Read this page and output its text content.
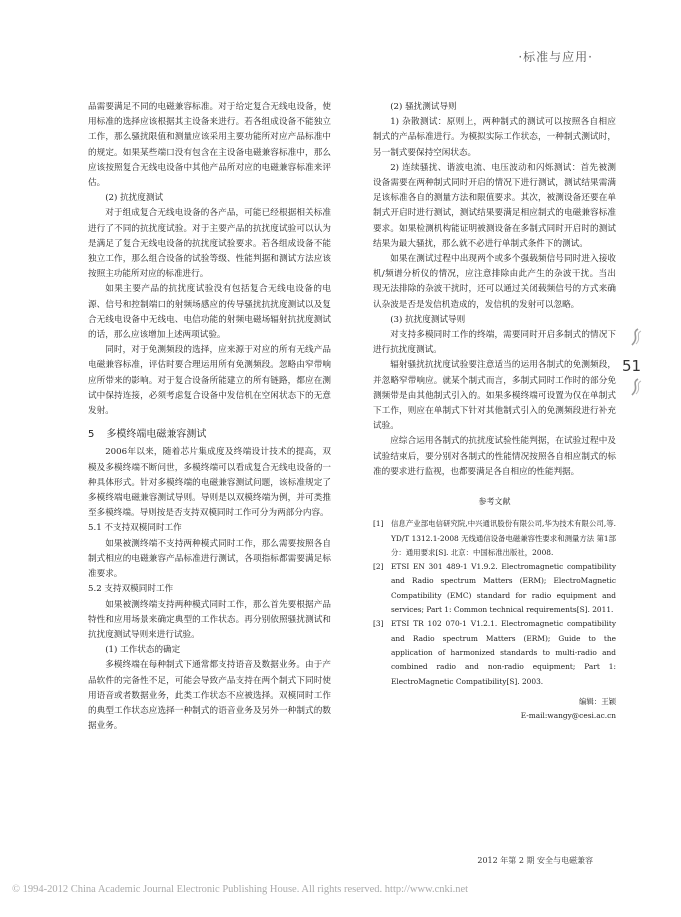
·标准与应用·

品需要满足不同的电磁兼容标准。对于给定复合无线电设备，使用标准的选择应该根据其主设备来进行。若各组成设备不能独立工作，那么骚扰限值和测量应该采用主要功能所对应产品标准中的规定。如果某些端口没有包含在主设备电磁兼容标准中，那么应该按照复合无线电设备中其他产品所对应的电磁兼容标准来评估。

(2) 抗扰度测试

对于组成复合无线电设备的各产品，可能已经根据相关标准进行了不同的抗扰度试验。对于主要产品的抗扰度试验可以认为是满足了复合无线电设备的抗扰度试验要求。若各组成设备不能独立工作，那么组合设备的试验等级、性能判据和测试方法应该按照主功能所对应的标准进行。

如果主要产品的抗扰度试验没有包括复合无线电设备的电源、信号和控制端口的射频场感应的传导骚扰抗扰度测试以及复合无线电设备中无线电、电信功能的射频电磁场辐射抗扰度测试的话，那么应该增加上述两项试验。

同时，对于免测频段的选择，应来源于对应的所有无线产品电磁兼容标准，评估时要合理运用所有免测频段。忽略由窄带响应所带来的影响。对于复合设备所能建立的所有链路，都应在测试中保持连接，必须考虑复合设备中发信机在空闲状态下的无意发射。

5 多模终端电磁兼容测试

2006年以来，随着芯片集成度及终端设计技术的提高，双模及多模终端不断问世，多模终端可以看成复合无线电设备的一种具体形式。针对多模终端的电磁兼容测试问题，该标准规定了多模终端电磁兼容测试导则。导则是以双模终端为例，并可类推至多模终端。导则按是否支持双模同时工作可分为两部分内容。

5.1 不支持双模同时工作

如果被测终端不支持两种模式同时工作，那么需要按照各自制式相应的电磁兼容产品标准进行测试，各项指标都需要满足标准要求。

5.2 支持双模同时工作

如果被测终端支持两种模式同时工作，那么首先要根据产品特性和应用场景来确定典型的工作状态。再分别依照骚扰测试和抗扰度测试导则来进行试验。

(1) 工作状态的确定

多模终端在每种制式下通常都支持语音及数据业务。由于产品软件的完备性不足，可能会导致产品支持在两个制式下同时使用语音或者数据业务，此类工作状态不应被选择。双模同时工作的典型工作状态应选择一种制式的语音业务及另外一种制式的数据业务。

(2) 骚扰测试导则

1) 杂散测试：原则上，两种制式的测试可以按照各自相应制式的产品标准进行。为模拟实际工作状态，一种制式测试时，另一制式要保持空闲状态。

2) 连续骚扰、谐波电流、电压波动和闪烁测试：首先被测设备需要在两种制式同时开启的情况下进行测试，测试结果需满足该标准各自的测量方法和限值要求。其次，被测设备还要在单制式开启时进行测试，测试结果要满足相应制式的电磁兼容标准要求。如果检测机构能证明被测设备在多制式同时开启时的测试结果为最大骚扰，那么就不必进行单制式条件下的测试。

如果在测试过程中出现两个或多个强载频信号同时进入接收机/频谱分析仪的情况，应注意排除由此产生的杂波干扰。当出现无法排除的杂波干扰时，还可以通过关闭载频信号的方式来确认杂波是否是发信机造成的，发信机的发射可以忽略。

(3) 抗扰度测试导则

对支持多模同时工作的终端，需要同时开启多制式的情况下进行抗扰度测试。

辐射骚扰抗扰度试验要注意适当的运用各制式的免测频段，并忽略窄带响应。就某个制式而言，多制式同时工作时的部分免测频带是由其他制式引入的。如果多模终端可设置为仅在单制式下工作，则应在单制式下针对其他制式引入的免测频段进行补充试验。

应综合运用各制式的抗扰度试验性能判据，在试验过程中及试验结束后，要分别对各制式的性能情况按照各自相应制式的标准的要求进行监视，也都要满足各自相应的性能判据。

参考文献
[1]	信息产业部电信研究院,中兴通讯股份有限公司,华为技术有限公司,等. YD/T 1312.1-2008 无线通信设备电磁兼容性要求和测量方法 第1部分：通用要求[S]. 北京：中国标准出版社，2008.
[2]	ETSI EN 301 489-1 V1.9.2. Electromagnetic compatibility and Radio spectrum Matters (ERM); ElectroMagnetic Compatibility (EMC) standard for radio equipment and services; Part 1: Common technical requirements[S]. 2011.
[3]	ETSI TR 102 070-1 V1.2.1. Electromagnetic compatibility and Radio spectrum Matters (ERM); Guide to the application of harmonized standards to multi-radio and combined radio and non-radio equipment; Part 1: ElectroMagnetic Compatibility[S]. 2003.
编辑：王颖
E-mail:wangy@cesi.ac.cn
51
2012 年第 2 期 安全与电磁兼容
© 1994-2012 China Academic Journal Electronic Publishing House. All rights reserved. http://www.cnki.net
